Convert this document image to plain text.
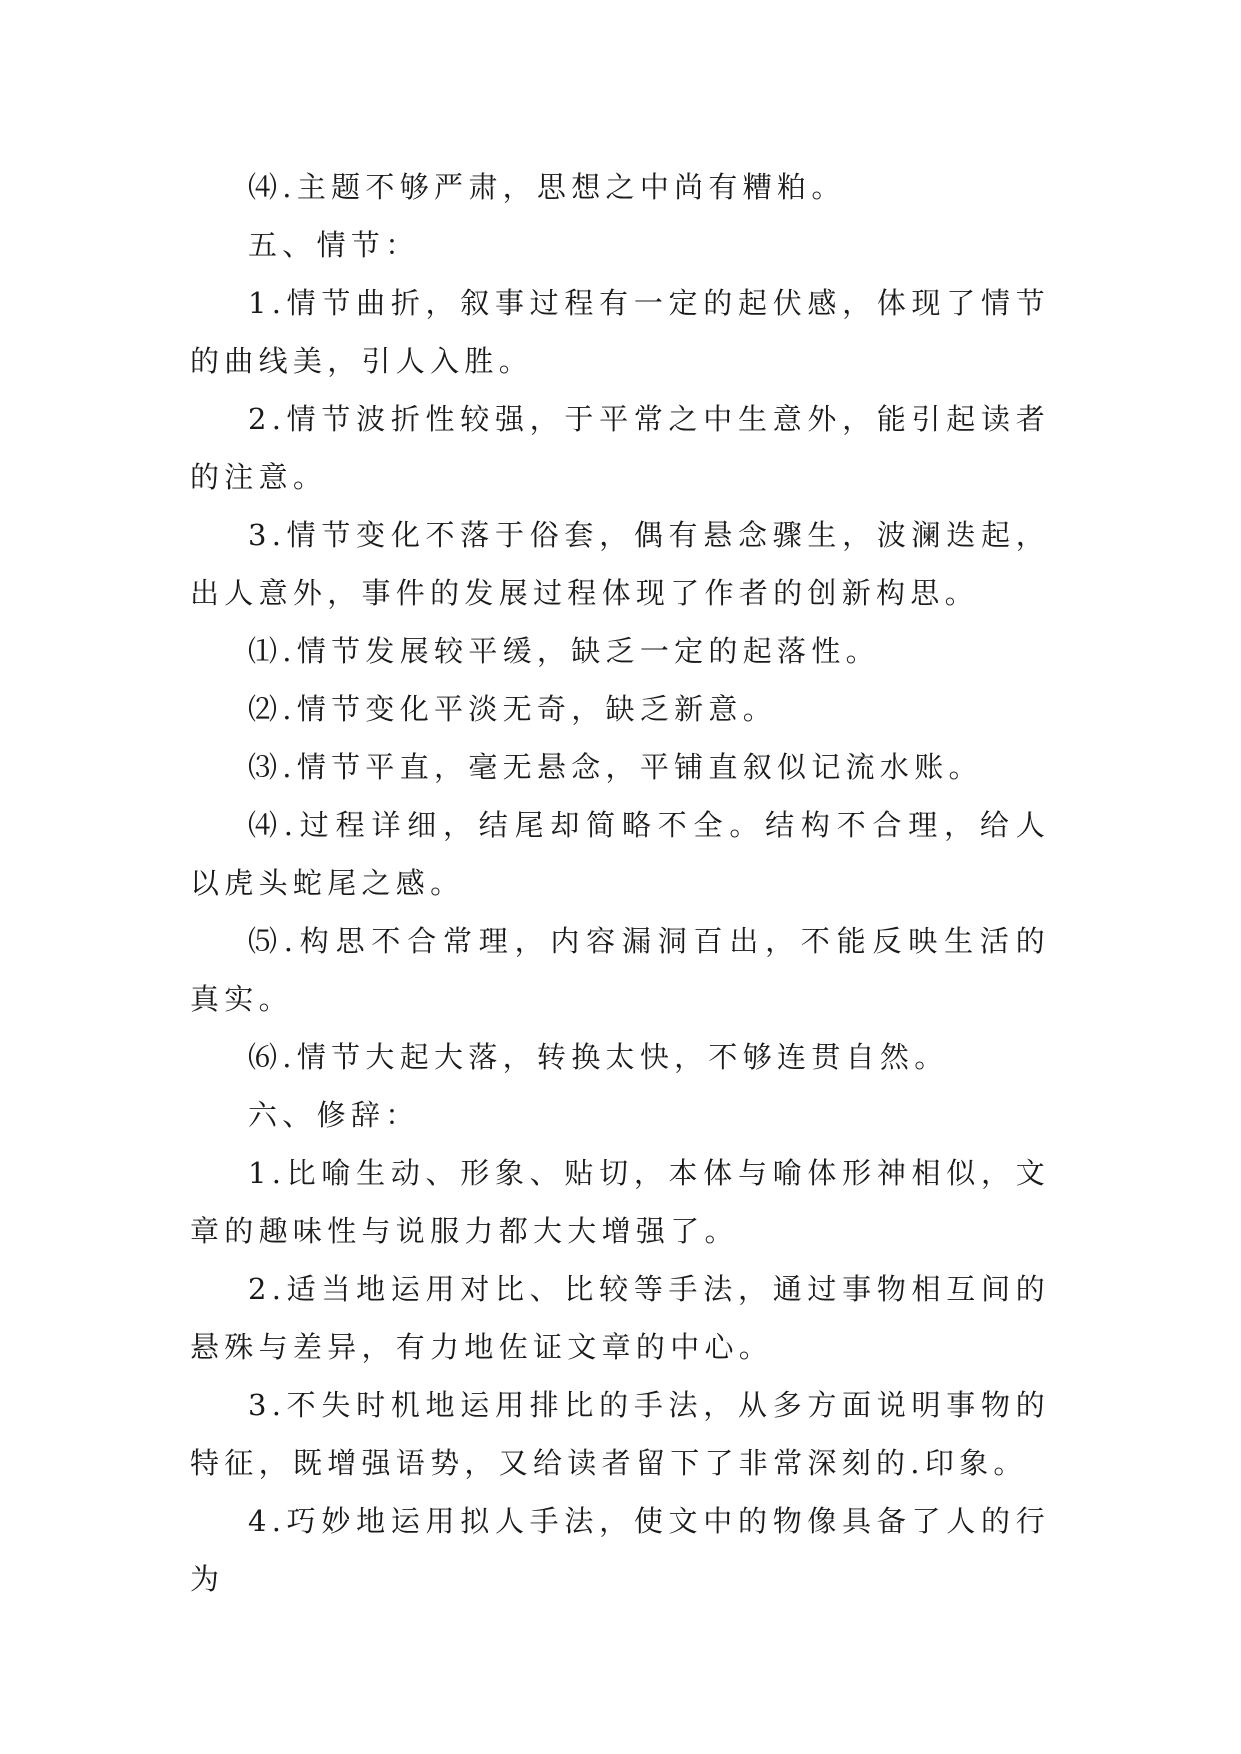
⑷.主题不够严肃，思想之中尚有糟粕。

五、情节：

1.情节曲折，叙事过程有一定的起伏感，体现了情节的曲线美，引人入胜。

2.情节波折性较强，于平常之中生意外，能引起读者的注意。

3.情节变化不落于俗套，偶有悬念骤生，波澜迭起，出人意外，事件的发展过程体现了作者的创新构思。

⑴.情节发展较平缓，缺乏一定的起落性。

⑵.情节变化平淡无奇，缺乏新意。

⑶.情节平直，毫无悬念，平铺直叙似记流水账。

⑷.过程详细，结尾却简略不全。结构不合理，给人以虎头蛇尾之感。

⑸.构思不合常理，内容漏洞百出，不能反映生活的真实。

⑹.情节大起大落，转换太快，不够连贯自然。

六、修辞：

1.比喻生动、形象、贴切，本体与喻体形神相似，文章的趣味性与说服力都大大增强了。

2.适当地运用对比、比较等手法，通过事物相互间的悬殊与差异，有力地佐证文章的中心。

3.不失时机地运用排比的手法，从多方面说明事物的特征，既增强语势，又给读者留下了非常深刻的.印象。

4.巧妙地运用拟人手法，使文中的物像具备了人的行为
